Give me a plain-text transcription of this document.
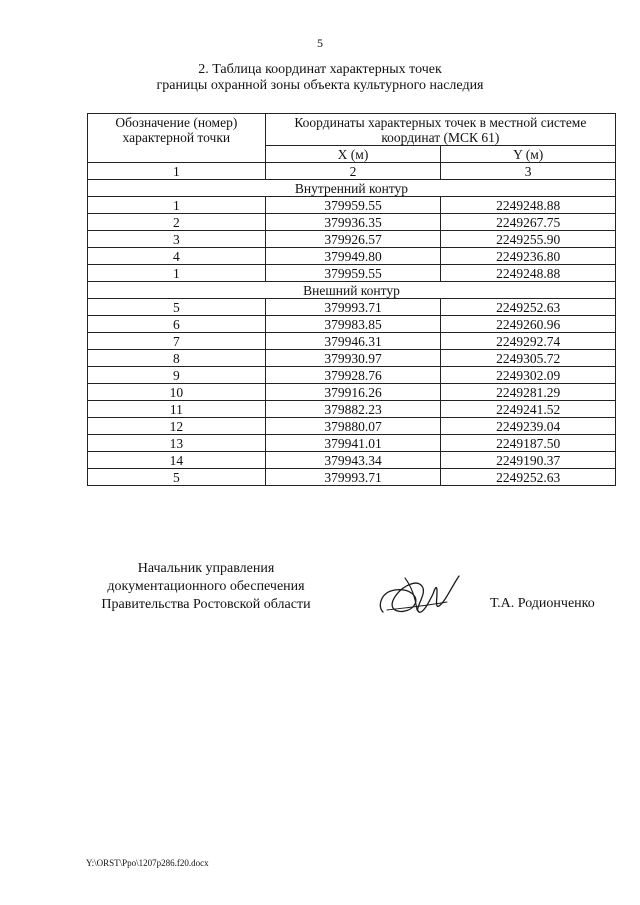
5
2. Таблица координат характерных точек
границы охранной зоны объекта культурного наследия
Обозначение (номер) характерной точки	Координаты характерных точек в местной системе координат (МСК 61)	
	X (м)	Y (м)
1	2	3
Внутренний контур		
1	379959.55	2249248.88
2	379936.35	2249267.75
3	379926.57	2249255.90
4	379949.80	2249236.80
1	379959.55	2249248.88
Внешний контур		
5	379993.71	2249252.63
6	379983.85	2249260.96
7	379946.31	2249292.74
8	379930.97	2249305.72
9	379928.76	2249302.09
10	379916.26	2249281.29
11	379882.23	2249241.52
12	379880.07	2249239.04
13	379941.01	2249187.50
14	379943.34	2249190.37
5	379993.71	2249252.63
Начальник управления
документационного обеспечения
Правительства Ростовской области	Т.А. Родионченко
Y:\ORST\Ppo\1207p286.f20.docx
